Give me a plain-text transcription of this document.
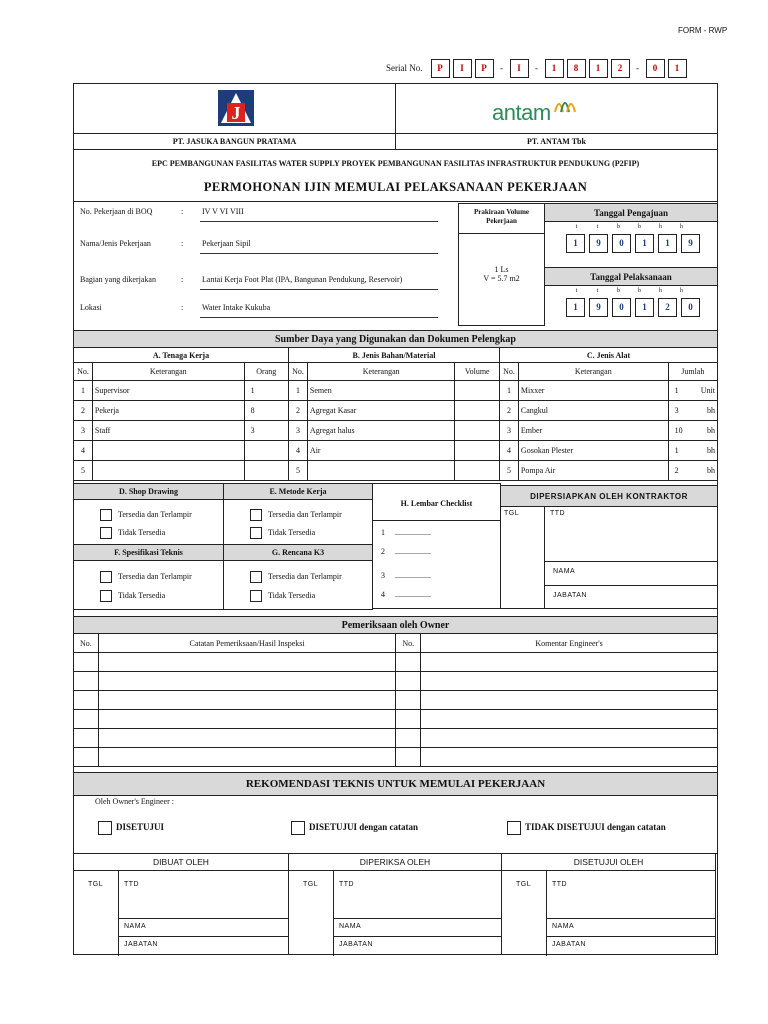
FORM - RWP
Serial No.	P I P - I - 1 8 1 2 - 0 1
J	antam
PT. JASUKA BANGUN PRATAMA	PT. ANTAM Tbk
EPC PEMBANGUNAN FASILITAS WATER SUPPLY PROYEK PEMBANGUNAN FASILITAS INFRASTRUKTUR PENDUKUNG (P2FIP)
PERMOHONAN IJIN MEMULAI PELAKSANAAN PEKERJAAN
No. Pekerjaan di BOQ	: IV V VI VIII
Nama/Jenis Pekerjaan	: Pekerjaan Sipil
Bagian yang dikerjakan	: Lantai Kerja Foot Plat (IPA, Bangunan Pendukung, Reservoir)
Lokasi	: Water Intake Kukuba
Prakiraan Volume Pekerjaan
1 Ls
V = 5.7 m2
Tanggal Pengajuan
t	t	b	b	h	h
1	9	0	1	1	9
Tanggal Pelaksanaan
t	t	b	b	h	h
1	9	0	1	2	0
Sumber Daya yang Digunakan dan Dokumen Pelengkap
A. Tenaga Kerja
No.	Keterangan	Orang
1	Supervisor	1
2	Pekerja	8
3	Staff	3
4		
5		
B. Jenis Bahan/Material
No.	Keterangan	Volume
1	Semen	
2	Agregat Kasar	
3	Agregat halus	
4	Air	
5		
C. Jenis Alat
No.	Keterangan	Jumlah
1	Mixxer	1 Unit

2	Cangkul	3 bh

3	Ember	10 bh

4	Gosokan Plester	1 bh

5	Pompa Air	2 bh
D. Shop Drawing	E. Metode Kerja
Tersedia dan Terlampir
Tidak Tersedia
Tersedia dan Terlampir
Tidak Tersedia
F. Spesifikasi Teknis	G. Rencana K3
Tersedia dan Terlampir
Tidak Tersedia
Tersedia dan Terlampir
Tidak Tersedia
H. Lembar Checklist
1 ..................
2 ..................
3 ..................
4 ..................
DIPERSIAPKAN OLEH KONTRAKTOR
TGL	TTD
NAMA
JABATAN
Pemeriksaan oleh Owner
No.	Catatan Pemeriksaan/Hasil Inspeksi	No.	Komentar Engineer's

REKOMENDASI TEKNIS UNTUK MEMULAI PEKERJAAN
Oleh Owner's Engineer :
DISETUJUI	DISETUJUI dengan catatan	TIDAK DISETUJUI dengan catatan
DIBUAT OLEH
TGL	TTD
NAMA
JABATAN
DIPERIKSA OLEH
TGL	TTD
NAMA
JABATAN
DISETUJUI OLEH
TGL	TTD
NAMA
JABATAN
